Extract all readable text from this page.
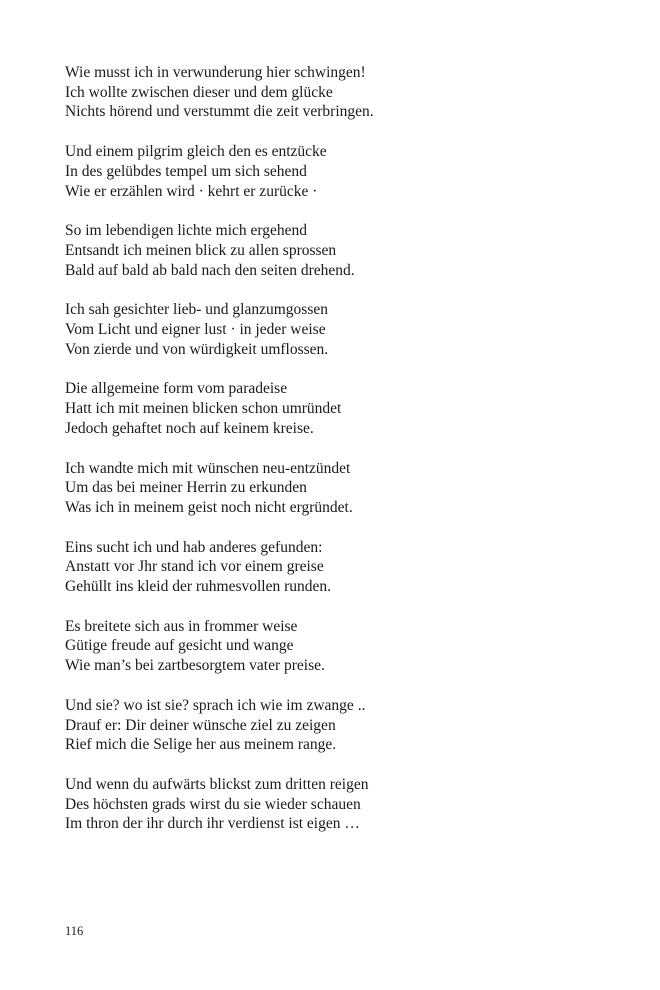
Wie musst ich in verwunderung hier schwingen!
Ich wollte zwischen dieser und dem glücke
Nichts hörend und verstummt die zeit verbringen.
Und einem pilgrim gleich den es entzücke
In des gelübdes tempel um sich sehend
Wie er erzählen wird · kehrt er zurücke ·
So im lebendigen lichte mich ergehend
Entsandt ich meinen blick zu allen sprossen
Bald auf bald ab bald nach den seiten drehend.
Ich sah gesichter lieb- und glanzumgossen
Vom Licht und eigner lust · in jeder weise
Von zierde und von würdigkeit umflossen.
Die allgemeine form vom paradeise
Hatt ich mit meinen blicken schon umründet
Jedoch gehaftet noch auf keinem kreise.
Ich wandte mich mit wünschen neu-entzündet
Um das bei meiner Herrin zu erkunden
Was ich in meinem geist noch nicht ergründet.
Eins sucht ich und hab anderes gefunden:
Anstatt vor Jhr stand ich vor einem greise
Gehüllt ins kleid der ruhmesvollen runden.
Es breitete sich aus in frommer weise
Gütige freude auf gesicht und wange
Wie man’s bei zartbesorgtem vater preise.
Und sie? wo ist sie? sprach ich wie im zwange ..
Drauf er: Dir deiner wünsche ziel zu zeigen
Rief mich die Selige her aus meinem range.
Und wenn du aufwärts blickst zum dritten reigen
Des höchsten grads wirst du sie wieder schauen
Im thron der ihr durch ihr verdienst ist eigen …
116
